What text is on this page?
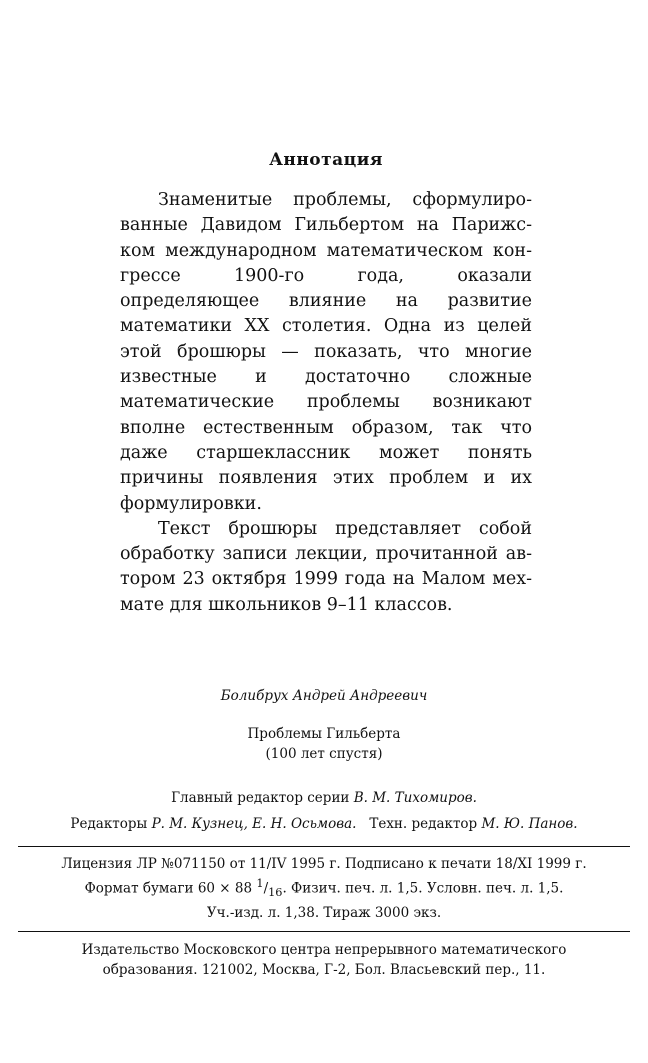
Аннотация

Знаменитые проблемы, сформулированные Давидом Гильбертом на Парижском международном математическом конгрессе 1900-го года, оказали определяющее влияние на развитие математики XX столетия. Одна из целей этой брошюры — показать, что многие известные и достаточно сложные математические проблемы возникают вполне естественным образом, так что даже старшеклассник может понять причины появления этих проблем и их формулировки.

Текст брошюры представляет собой обработку записи лекции, прочитанной автором 23 октября 1999 года на Малом мехмате для школьников 9–11 классов.

Болибрух Андрей Андреевич
Проблемы Гильберта
(100 лет спустя)
Главный редактор серии В. М. Тихомиров.
Редакторы Р. М. Кузнец, Е. Н. Осьмова. Техн. редактор М. Ю. Панов.
Лицензия ЛР №071150 от 11/IV 1995 г. Подписано к печати 18/XI 1999 г.
Формат бумаги 60 × 88 $^1/_{16}$. Физич. печ. л. 1,5. Условн. печ. л. 1,5.
Уч.-изд. л. 1,38. Тираж 3000 экз.
Издательство Московского центра непрерывного математического
образования. 121002, Москва, Г-2, Бол. Власьевский пер., 11.
